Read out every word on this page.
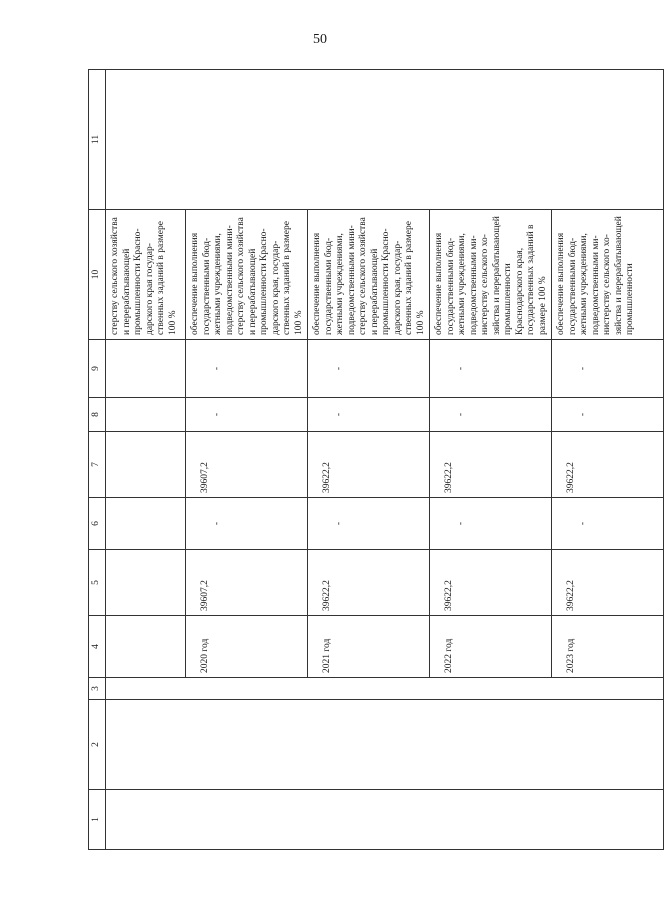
50
1	2	3	4	5	6	7	8	9	10	11
									стерству сельского хозяйства и перерабатывающей промышленности Краснодарского края государственных заданий в размере 100 %	
			2020 год	39607,2	-	39607,2	-	-	обеспечение выполнения государственными бюджетными учреждениями, подведомственными министерству сельского хозяйства и перерабатывающей промышленности Краснодарского края, государственных заданий в размере 100 %	
			2021 год	39622,2	-	39622,2	-	-	обеспечение выполнения государственными бюджетными учреждениями, подведомственными министерству сельского хозяйства и перерабатывающей промышленности Краснодарского края, государственных заданий в размере 100 %	
			2022 год	39622,2	-	39622,2	-	-	обеспечение выполнения государственными бюджетными учреждениями, подведомственными министерству сельского хозяйства и перерабатывающей промышленности Краснодарского края, государственных заданий в размере 100 %	
			2023 год	39622,2	-	39622,2	-	-	обеспечение выполнения государственными бюджетными учреждениями, подведомственными министерству сельского хозяйства и перерабатывающей промышленности	
